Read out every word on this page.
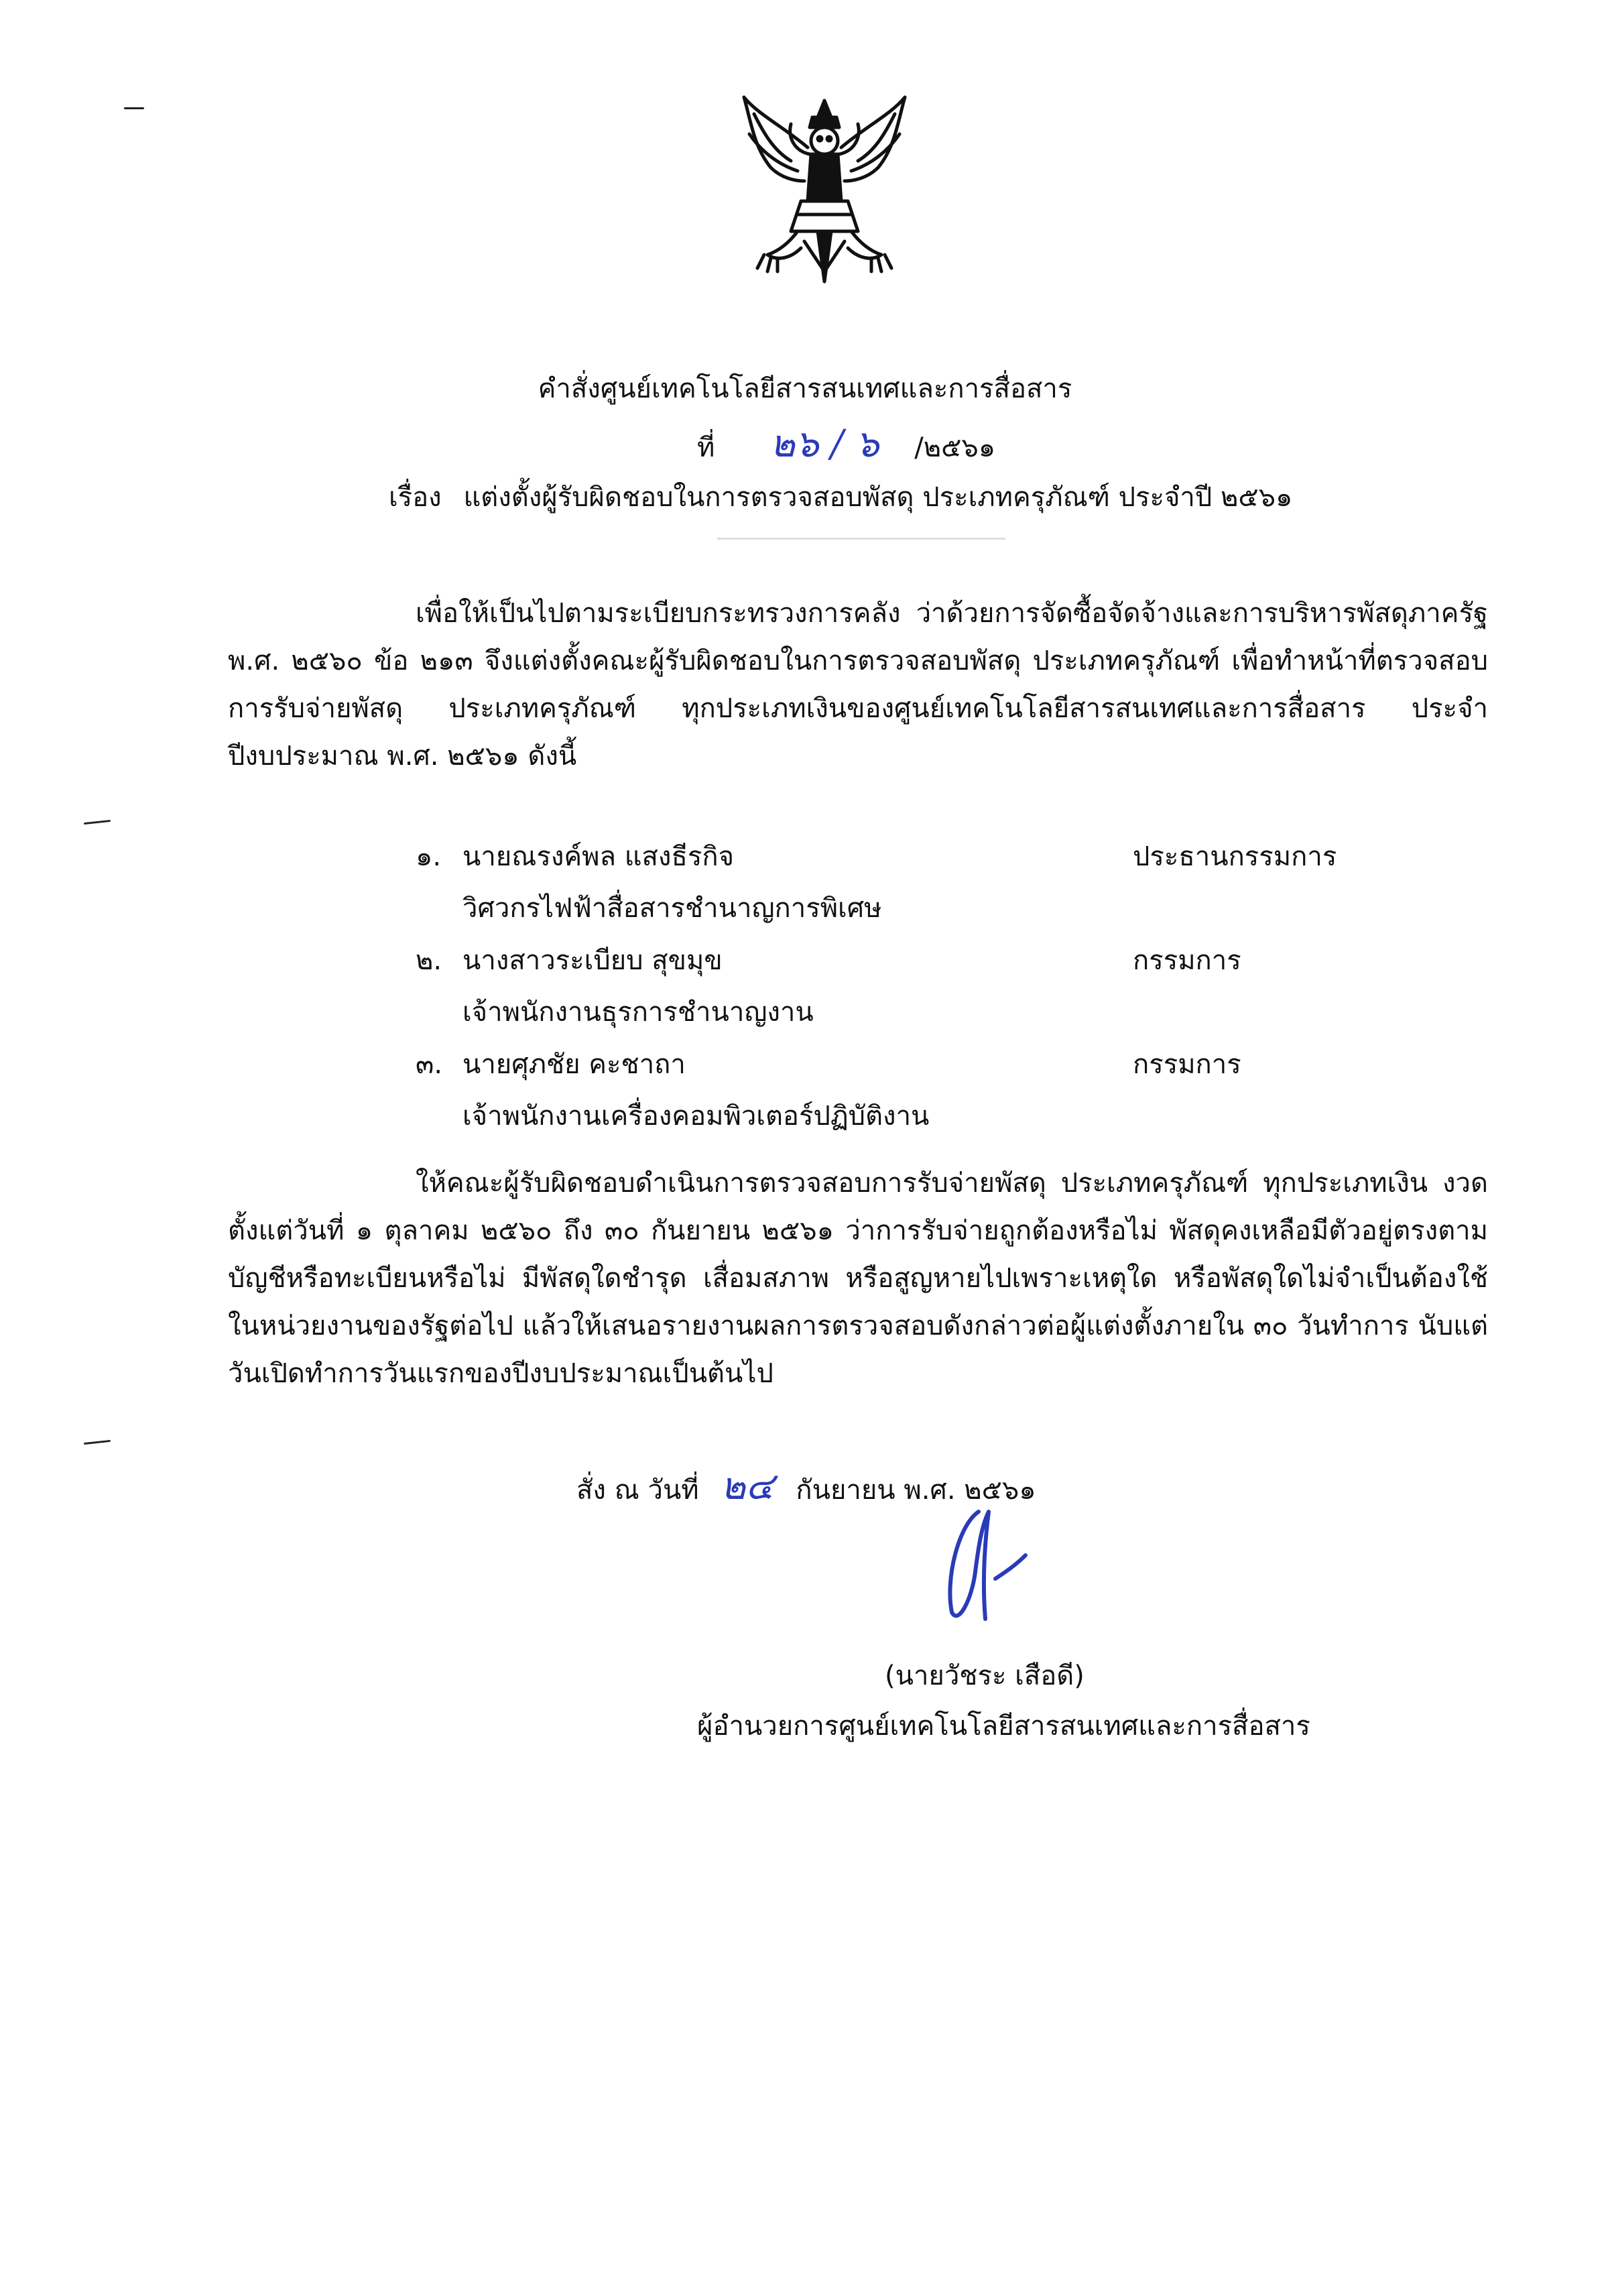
คำสั่งศูนย์เทคโนโลยีสารสนเทศและการสื่อสาร
ที่ ๒๖ / ๖ /๒๕๖๑
เรื่อง แต่งตั้งผู้รับผิดชอบในการตรวจสอบพัสดุ ประเภทครุภัณฑ์ ประจำปี ๒๕๖๑
เพื่อให้เป็นไปตามระเบียบกระทรวงการคลัง ว่าด้วยการจัดซื้อจัดจ้างและการบริหารพัสดุภาครัฐ พ.ศ. ๒๕๖๐ ข้อ ๒๑๓ จึงแต่งตั้งคณะผู้รับผิดชอบในการตรวจสอบพัสดุ ประเภทครุภัณฑ์ เพื่อทำหน้าที่ตรวจสอบการรับจ่ายพัสดุ ประเภทครุภัณฑ์ ทุกประเภทเงินของศูนย์เทคโนโลยีสารสนเทศและการสื่อสาร ประจำปีงบประมาณ พ.ศ. ๒๕๖๑ ดังนี้
๑. นายณรงค์พล แสงธีรกิจ	ประธานกรรมการ
วิศวกรไฟฟ้าสื่อสารชำนาญการพิเศษ
๒. นางสาวระเบียบ สุขมุข	กรรมการ
เจ้าพนักงานธุรการชำนาญงาน
๓. นายศุภชัย คะชาถา	กรรมการ
เจ้าพนักงานเครื่องคอมพิวเตอร์ปฏิบัติงาน
ให้คณะผู้รับผิดชอบดำเนินการตรวจสอบการรับจ่ายพัสดุ ประเภทครุภัณฑ์ ทุกประเภทเงิน งวดตั้งแต่วันที่ ๑ ตุลาคม ๒๕๖๐ ถึง ๓๐ กันยายน ๒๕๖๑ ว่าการรับจ่ายถูกต้องหรือไม่ พัสดุคงเหลือมีตัวอยู่ตรงตามบัญชีหรือทะเบียนหรือไม่ มีพัสดุใดชำรุด เสื่อมสภาพ หรือสูญหายไปเพราะเหตุใด หรือพัสดุใดไม่จำเป็นต้องใช้ในหน่วยงานของรัฐต่อไป แล้วให้เสนอรายงานผลการตรวจสอบดังกล่าวต่อผู้แต่งตั้งภายใน ๓๐ วันทำการ นับแต่วันเปิดทำการวันแรกของปีงบประมาณเป็นต้นไป
สั่ง ณ วันที่ ๒๔ กันยายน พ.ศ. ๒๕๖๑
(นายวัชระ เสือดี)
ผู้อำนวยการศูนย์เทคโนโลยีสารสนเทศและการสื่อสาร
